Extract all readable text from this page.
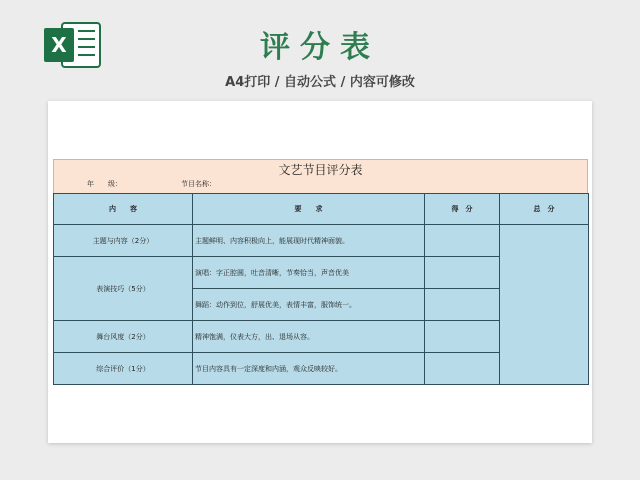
X	评分表
A4打印 / 自动公式 / 内容可修改
文艺节目评分表
年　　级：	节目名称：
内　　容	要　　求	得　分	总　分
主题与内容（2分）	主题鲜明、内容积极向上，能展现时代精神面貌。		
表演技巧（5分）	演唱：字正腔圆，吐音清晰，节奏恰当，声音优美		
	舞蹈：动作到位，舒展优美，表情丰富，服饰统一。		
舞台风度（2分）	精神饱满，仪表大方，出、退场从容。		
综合评价（1分）	节目内容具有一定深度和内涵，观众反映较好。		
